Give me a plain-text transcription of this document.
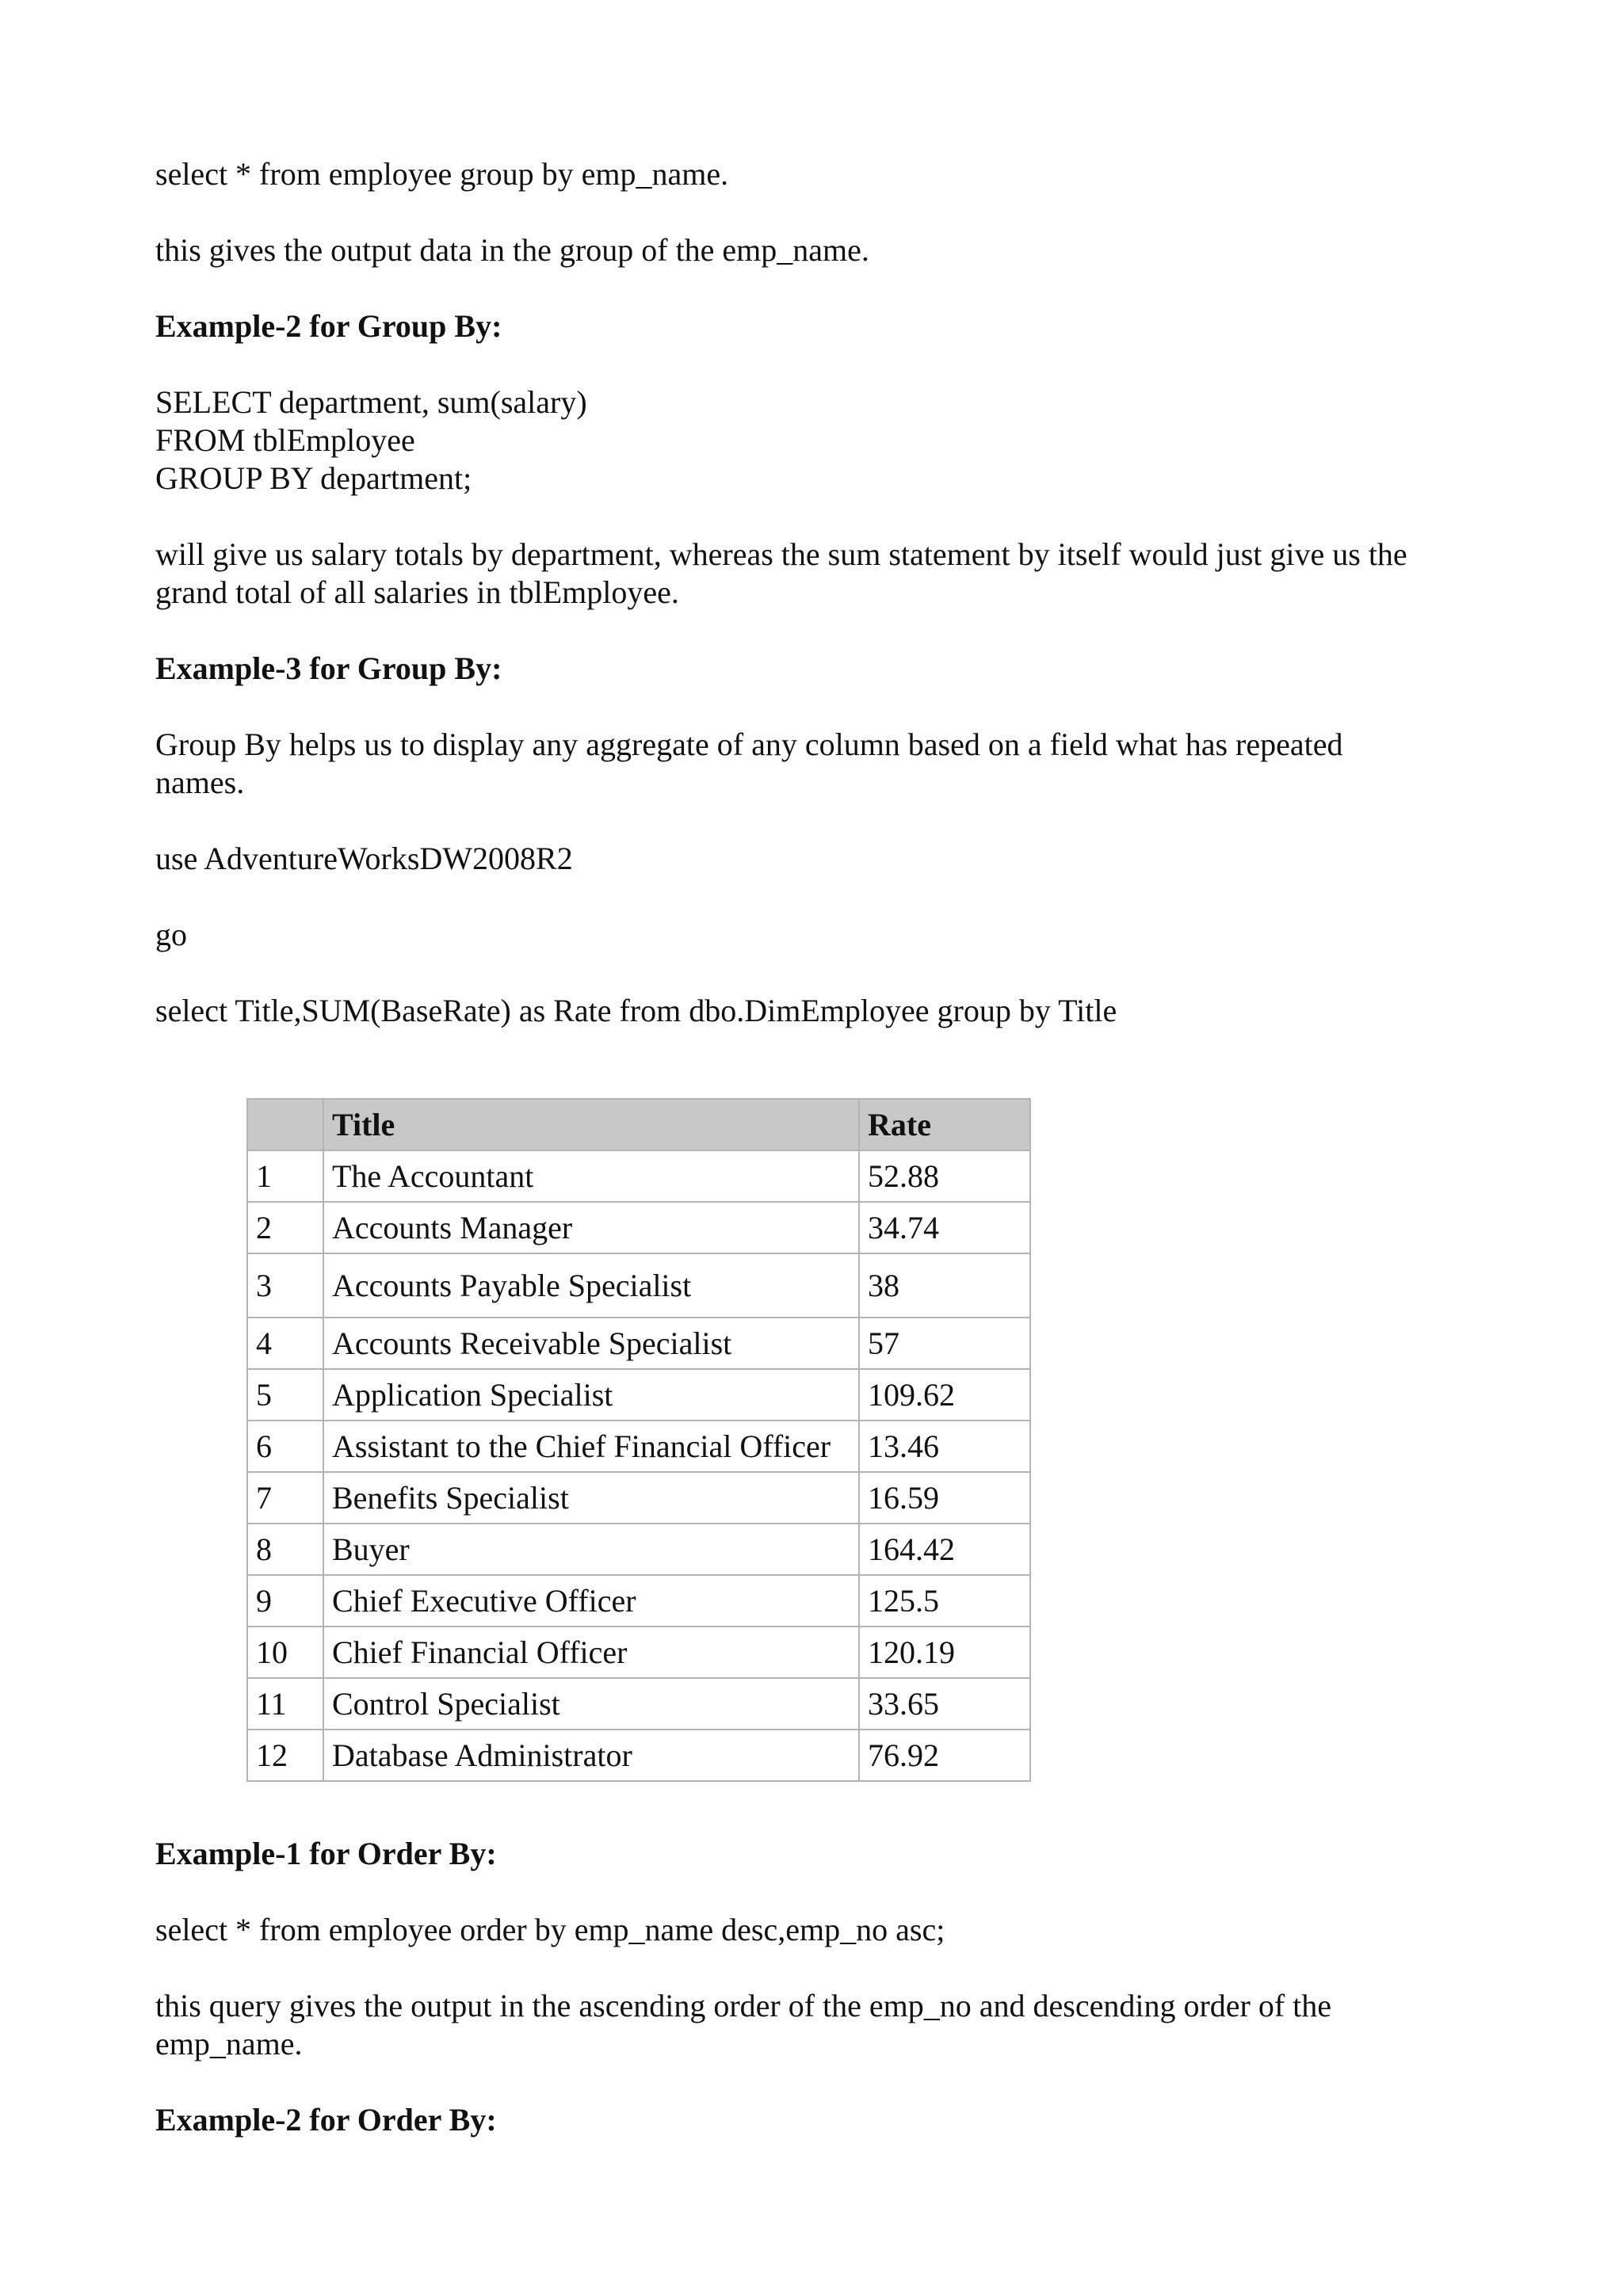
select * from employee group by emp_name.

this gives the output data in the group of the emp_name.

Example-2 for Group By:

SELECT department, sum(salary)

FROM tblEmployee

GROUP BY department;

will give us salary totals by department, whereas the sum statement by itself would just give us the

grand total of all salaries in tblEmployee.

Example-3 for Group By:

Group By helps us to display any aggregate of any column based on a field what has repeated

names.

use AdventureWorksDW2008R2

go

select Title,SUM(BaseRate) as Rate from dbo.DimEmployee group by Title

	Title	Rate
1	The Accountant	52.88
2	Accounts Manager	34.74
3	Accounts Payable Specialist	38
4	Accounts Receivable Specialist	57
5	Application Specialist	109.62
6	Assistant to the Chief Financial Officer	13.46
7	Benefits Specialist	16.59
8	Buyer	164.42
9	Chief Executive Officer	125.5
10	Chief Financial Officer	120.19
11	Control Specialist	33.65
12	Database Administrator	76.92

Example-1 for Order By:

select * from employee order by emp_name desc,emp_no asc;

this query gives the output in the ascending order of the emp_no and descending order of the

emp_name.

Example-2 for Order By:
